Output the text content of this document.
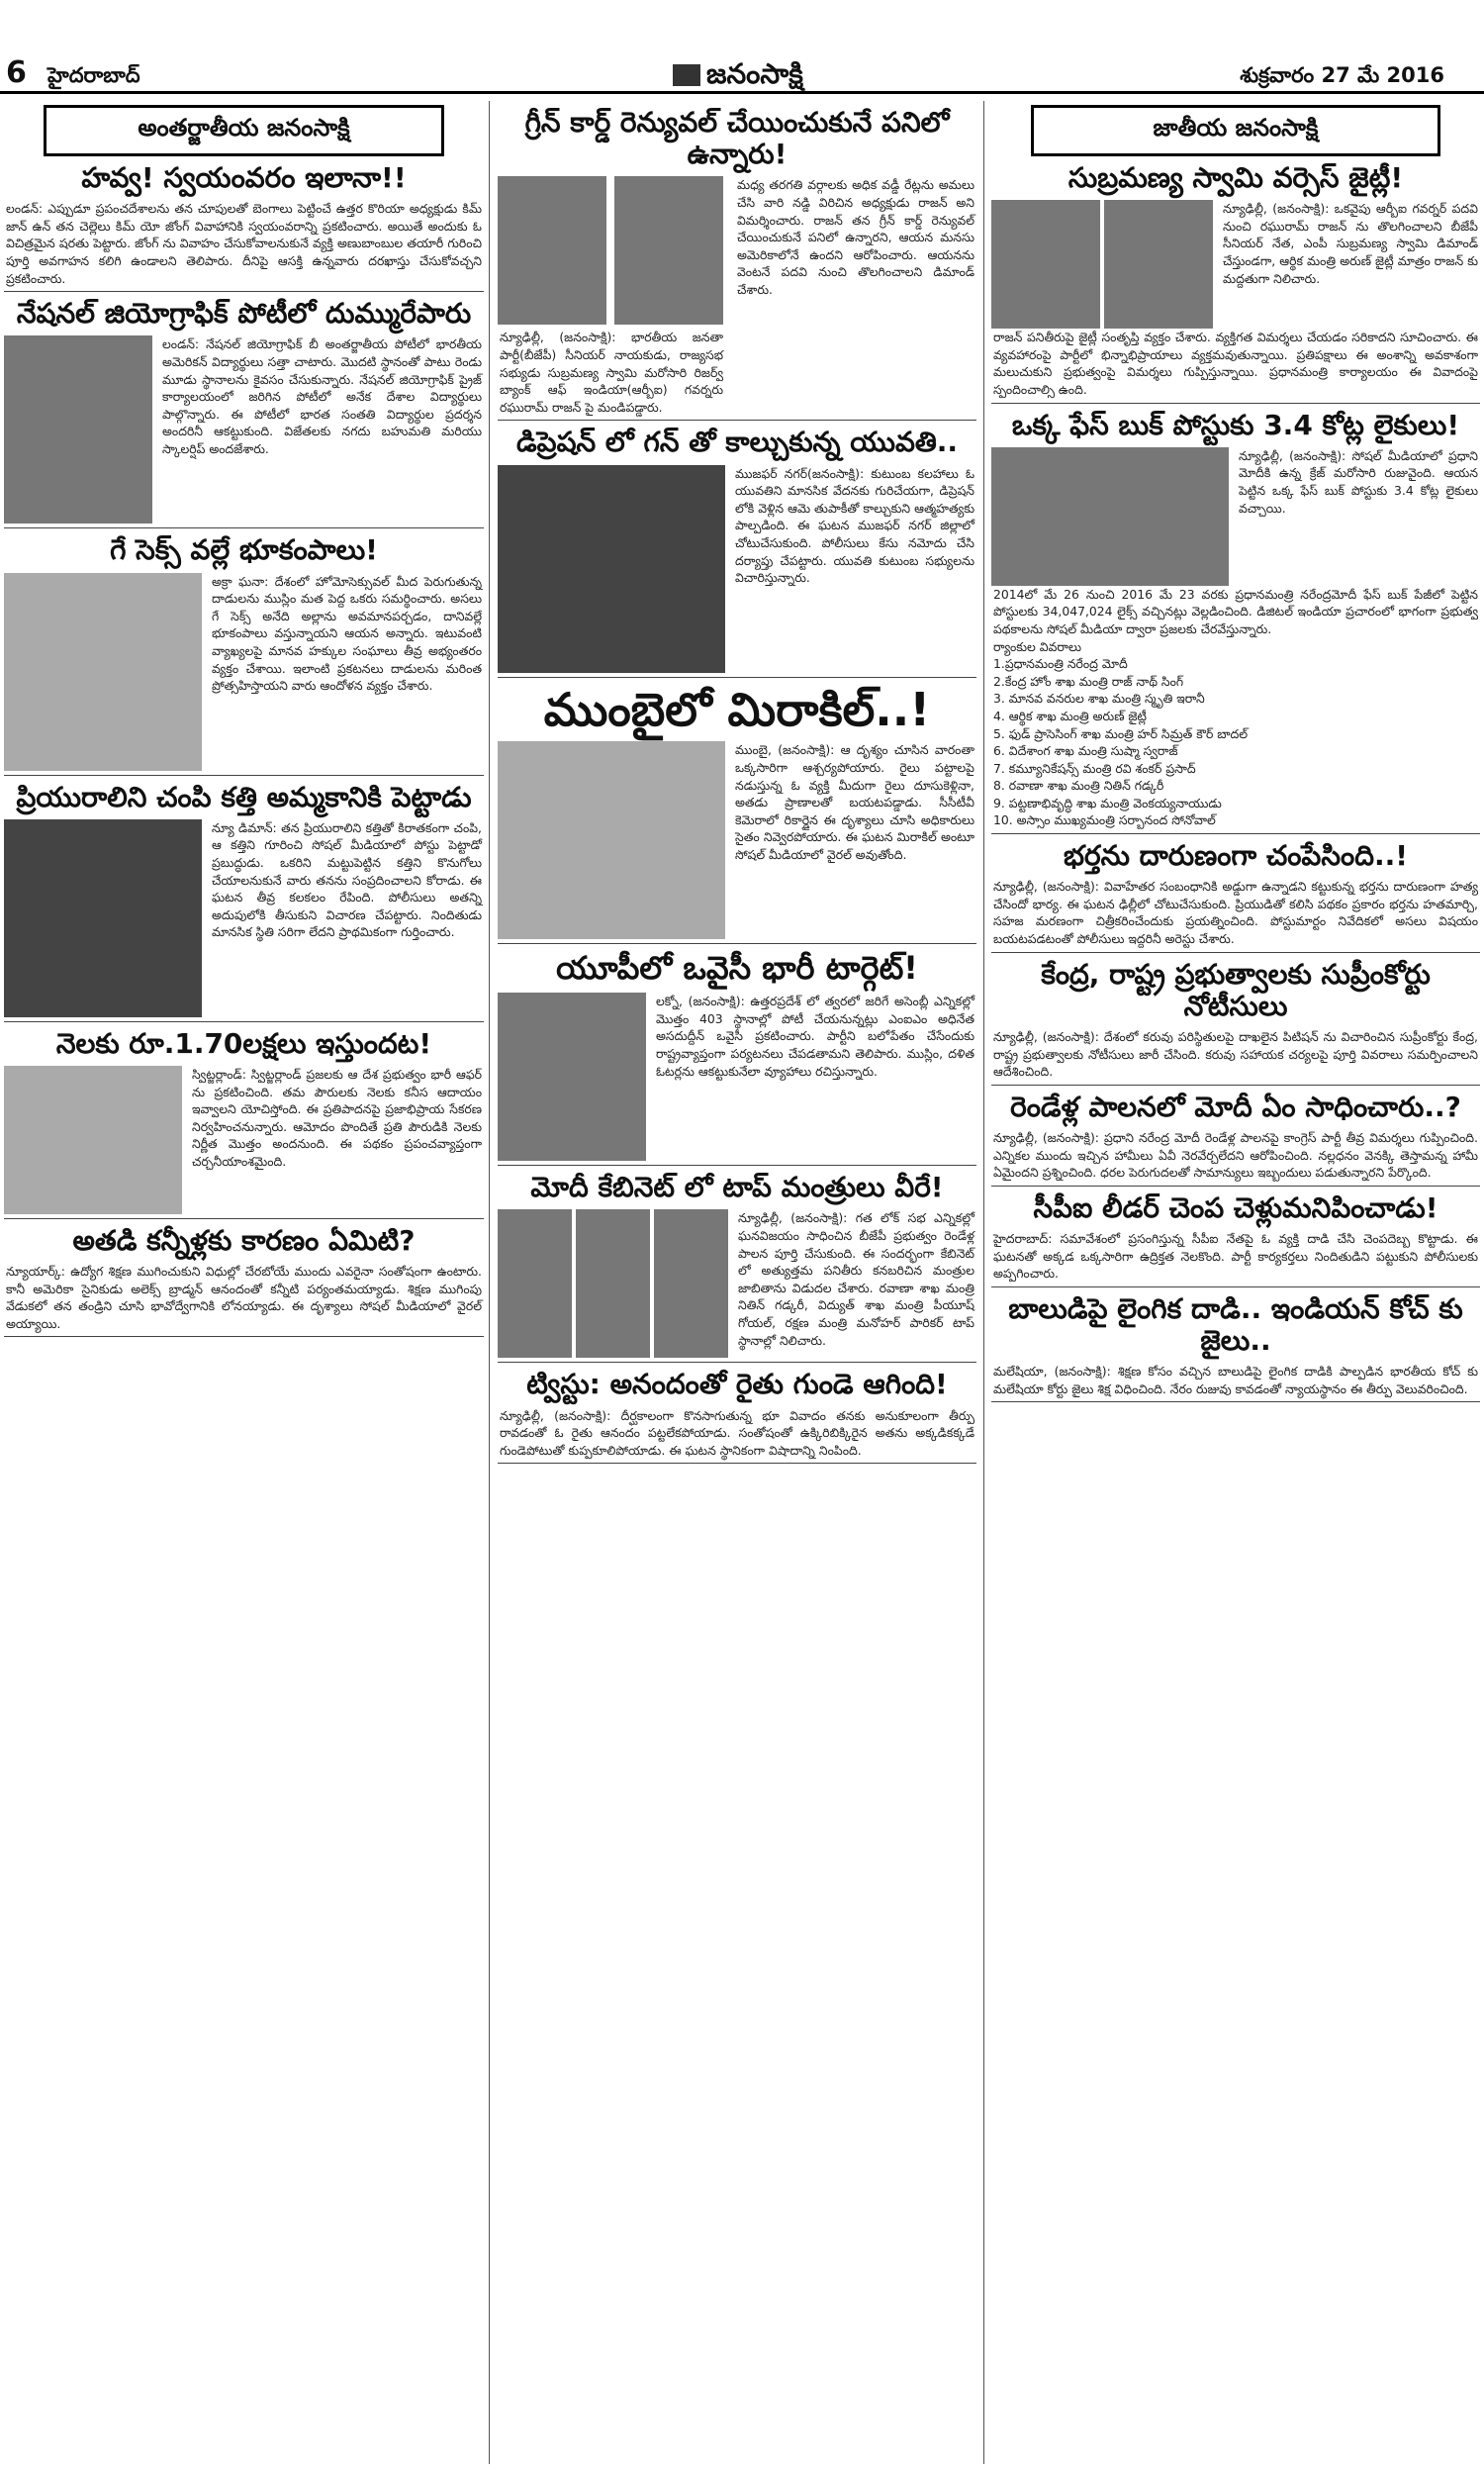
6 హైదరాబాద్	జనంసాక్షి	శుక్రవారం 27 మే 2016
అంతర్జాతీయ జనంసాక్షి
హవ్వ! స్వయంవరం ఇలానా!!

లండన్: ఎప్పుడూ ప్రపంచదేశాలను తన చూపులతో బెంగాలు పెట్టించే ఉత్తర కొరియా అధ్యక్షుడు కిమ్ జాన్ ఉన్ తన చెల్లెలు కిమ్ యో జోంగ్ వివాహానికి స్వయంవరాన్ని ప్రకటించారు. అయితే అందుకు ఓ విచిత్రమైన షరతు పెట్టారు. జోంగ్ ను వివాహం చేసుకోవాలనుకునే వ్యక్తి అణుబాంబుల తయారీ గురించి పూర్తి అవగాహన కలిగి ఉండాలని తెలిపారు. దీనిపై ఆసక్తి ఉన్నవారు దరఖాస్తు చేసుకోవచ్చని ప్రకటించారు.

నేషనల్ జియోగ్రాఫిక్ పోటీలో దుమ్మురేపారు

లండన్: నేషనల్ జియోగ్రాఫిక్ బీ అంతర్జాతీయ పోటీలో భారతీయ అమెరికన్ విద్యార్థులు సత్తా చాటారు. మొదటి స్థానంతో పాటు రెండు మూడు స్థానాలను కైవసం చేసుకున్నారు. నేషనల్ జియోగ్రాఫిక్ ప్రైజ్ కార్యాలయంలో జరిగిన పోటీలో అనేక దేశాల విద్యార్థులు పాల్గొన్నారు. ఈ పోటీలో భారత సంతతి విద్యార్థుల ప్రదర్శన అందరినీ ఆకట్టుకుంది. విజేతలకు నగదు బహుమతి మరియు స్కాలర్షిప్ అందజేశారు.

గే సెక్స్ వల్లే భూకంపాలు!

అక్రా ఘనా: దేశంలో హోమోసెక్సువల్ మీద పెరుగుతున్న దాడులను ముస్లిం మత పెద్ద ఒకరు సమర్థించారు. అసలు గే సెక్స్ అనేది అల్లాను అవమానపర్చడం, దానివల్లే భూకంపాలు వస్తున్నాయని ఆయన అన్నారు. ఇటువంటి వ్యాఖ్యలపై మానవ హక్కుల సంఘాలు తీవ్ర అభ్యంతరం వ్యక్తం చేశాయి. ఇలాంటి ప్రకటనలు దాడులను మరింత ప్రోత్సహిస్తాయని వారు ఆందోళన వ్యక్తం చేశారు.

ప్రియురాలిని చంపి కత్తి అమ్మకానికి పెట్టాడు

న్యూ డిమాన్: తన ప్రియురాలిని కత్తితో కిరాతకంగా చంపి, ఆ కత్తిని గూరించి సోషల్ మీడియాలో పోస్టు పెట్టాడో ప్రబుద్ధుడు. ఒకరిని మట్టుపెట్టిన కత్తిని కొనుగోలు చేయాలనుకునే వారు తనను సంప్రదించాలని కోరాడు. ఈ ఘటన తీవ్ర కలకలం రేపింది. పోలీసులు అతన్ని అదుపులోకి తీసుకుని విచారణ చేపట్టారు. నిందితుడు మానసిక స్థితి సరిగా లేదని ప్రాథమికంగా గుర్తించారు.

నెలకు రూ.1.70లక్షలు ఇస్తుందట!

స్విట్జర్లాండ్: స్విట్జర్లాండ్ ప్రజలకు ఆ దేశ ప్రభుత్వం భారీ ఆఫర్ ను ప్రకటించింది. తమ పౌరులకు నెలకు కనీస ఆదాయం ఇవ్వాలని యోచిస్తోంది. ఈ ప్రతిపాదనపై ప్రజాభిప్రాయ సేకరణ నిర్వహించనున్నారు. ఆమోదం పొందితే ప్రతి పౌరుడికి నెలకు నిర్ణీత మొత్తం అందనుంది. ఈ పథకం ప్రపంచవ్యాప్తంగా చర్చనీయాంశమైంది.

అతడి కన్నీళ్లకు కారణం ఏమిటి?

న్యూయార్క్: ఉద్యోగ శిక్షణ ముగించుకుని విధుల్లో చేరబోయే ముందు ఎవరైనా సంతోషంగా ఉంటారు. కానీ అమెరికా సైనికుడు అలెక్స్ బ్రాడ్మన్ ఆనందంతో కన్నీటి పర్యంతమయ్యాడు. శిక్షణ ముగింపు వేడుకలో తన తండ్రిని చూసి భావోద్వేగానికి లోనయ్యాడు. ఈ దృశ్యాలు సోషల్ మీడియాలో వైరల్ అయ్యాయి.

గ్రీన్ కార్డ్ రెన్యువల్ చేయించుకునే పనిలో ఉన్నారు!

న్యూఢిల్లీ, (జనంసాక్షి): భారతీయ జనతా పార్టీ(బీజేపీ) సీనియర్ నాయకుడు, రాజ్యసభ సభ్యుడు సుబ్రమణ్య స్వామి మరోసారి రిజర్వ్ బ్యాంక్ ఆఫ్ ఇండియా(ఆర్బీఐ) గవర్నరు రఘురామ్ రాజన్ పై మండిపడ్డారు.

మధ్య తరగతి వర్గాలకు అధిక వడ్డీ రేట్లను అమలు చేసి వారి నడ్డి విరిచిన అధ్యక్షుడు రాజన్ అని విమర్శించారు. రాజన్ తన గ్రీన్ కార్డ్ రెన్యువల్ చేయించుకునే పనిలో ఉన్నారని, ఆయన మనసు అమెరికాలోనే ఉందని ఆరోపించారు. ఆయనను వెంటనే పదవి నుంచి తొలగించాలని డిమాండ్ చేశారు.

డిప్రెషన్ లో గన్ తో కాల్చుకున్న యువతి..

ముజఫర్ నగర్(జనంసాక్షి): కుటుంబ కలహాలు ఓ యువతిని మానసిక వేదనకు గురిచేయగా, డిప్రెషన్ లోకి వెళ్లిన ఆమె తుపాకీతో కాల్చుకుని ఆత్మహత్యకు పాల్పడింది. ఈ ఘటన ముజఫర్ నగర్ జిల్లాలో చోటుచేసుకుంది. పోలీసులు కేసు నమోదు చేసి దర్యాప్తు చేపట్టారు. యువతి కుటుంబ సభ్యులను విచారిస్తున్నారు.

ముంబైలో మిరాకిల్..!

ముంబై, (జనంసాక్షి): ఆ దృశ్యం చూసిన వారంతా ఒక్కసారిగా ఆశ్చర్యపోయారు. రైలు పట్టాలపై నడుస్తున్న ఓ వ్యక్తి మీదుగా రైలు దూసుకెళ్లినా, అతడు ప్రాణాలతో బయటపడ్డాడు. సీసీటీవీ కెమెరాలో రికార్డైన ఈ దృశ్యాలు చూసి అధికారులు సైతం నివ్వెరపోయారు. ఈ ఘటన మిరాకిల్ అంటూ సోషల్ మీడియాలో వైరల్ అవుతోంది.

యూపీలో ఒవైసీ భారీ టార్గెట్!

లక్నో, (జనంసాక్షి): ఉత్తరప్రదేశ్ లో త్వరలో జరిగే అసెంబ్లీ ఎన్నికల్లో మొత్తం 403 స్థానాల్లో పోటీ చేయనున్నట్లు ఎంఐఎం అధినేత అసదుద్దీన్ ఒవైసీ ప్రకటించారు. పార్టీని బలోపేతం చేసేందుకు రాష్ట్రవ్యాప్తంగా పర్యటనలు చేపడతామని తెలిపారు. ముస్లిం, దళిత ఓటర్లను ఆకట్టుకునేలా వ్యూహాలు రచిస్తున్నారు.

మోదీ కేబినెట్ లో టాప్ మంత్రులు వీరే!

న్యూఢిల్లీ, (జనంసాక్షి): గత లోక్ సభ ఎన్నికల్లో ఘనవిజయం సాధించిన బీజేపీ ప్రభుత్వం రెండేళ్ల పాలన పూర్తి చేసుకుంది. ఈ సందర్భంగా కేబినెట్ లో అత్యుత్తమ పనితీరు కనబరిచిన మంత్రుల జాబితాను విడుదల చేశారు. రవాణా శాఖ మంత్రి నితిన్ గడ్కరీ, విద్యుత్ శాఖ మంత్రి పీయూష్ గోయల్, రక్షణ మంత్రి మనోహర్ పారికర్ టాప్ స్థానాల్లో నిలిచారు.

ట్విస్టు: అనందంతో రైతు గుండె ఆగింది!

న్యూఢిల్లీ, (జనంసాక్షి): దీర్ఘకాలంగా కొనసాగుతున్న భూ వివాదం తనకు అనుకూలంగా తీర్పు రావడంతో ఓ రైతు ఆనందం పట్టలేకపోయాడు. సంతోషంతో ఉక్కిరిబిక్కిరైన అతను అక్కడికక్కడే గుండెపోటుతో కుప్పకూలిపోయాడు. ఈ ఘటన స్థానికంగా విషాదాన్ని నింపింది.

జాతీయ జనంసాక్షి
సుబ్రమణ్య స్వామి వర్సెస్ జైట్లీ!

న్యూఢిల్లీ, (జనంసాక్షి): ఒకవైపు ఆర్బీఐ గవర్నర్ పదవి నుంచి రఘురామ్ రాజన్ ను తొలగించాలని బీజేపీ సీనియర్ నేత, ఎంపీ సుబ్రమణ్య స్వామి డిమాండ్ చేస్తుండగా, ఆర్థిక మంత్రి అరుణ్ జైట్లీ మాత్రం రాజన్ కు మద్దతుగా నిలిచారు.

రాజన్ పనితీరుపై జైట్లీ సంతృప్తి వ్యక్తం చేశారు. వ్యక్తిగత విమర్శలు చేయడం సరికాదని సూచించారు. ఈ వ్యవహారంపై పార్టీలో భిన్నాభిప్రాయాలు వ్యక్తమవుతున్నాయి. ప్రతిపక్షాలు ఈ అంశాన్ని అవకాశంగా మలుచుకుని ప్రభుత్వంపై విమర్శలు గుప్పిస్తున్నాయి. ప్రధానమంత్రి కార్యాలయం ఈ వివాదంపై స్పందించాల్సి ఉంది.

ఒక్క ఫేస్ బుక్ పోస్టుకు 3.4 కోట్ల లైకులు!

న్యూఢిల్లీ, (జనంసాక్షి): సోషల్ మీడియాలో ప్రధాని మోదీకి ఉన్న క్రేజ్ మరోసారి రుజువైంది. ఆయన పెట్టిన ఒక్క ఫేస్ బుక్ పోస్టుకు 3.4 కోట్ల లైకులు వచ్చాయి.

2014లో మే 26 నుంచి 2016 మే 23 వరకు ప్రధానమంత్రి నరేంద్రమోదీ ఫేస్ బుక్ పేజీలో పెట్టిన పోస్టులకు 34,047,024 లైక్స్ వచ్చినట్లు వెల్లడించింది. డిజిటల్ ఇండియా ప్రచారంలో భాగంగా ప్రభుత్వ పథకాలను సోషల్ మీడియా ద్వారా ప్రజలకు చేరవేస్తున్నారు.

ర్యాంకుల వివరాలు

1.ప్రధానమంత్రి నరేంద్ర మోదీ

2.కేంద్ర హోం శాఖ మంత్రి రాజ్ నాథ్ సింగ్

3. మానవ వనరుల శాఖ మంత్రి స్మృతి ఇరానీ

4. ఆర్థిక శాఖ మంత్రి అరుణ్ జైట్లీ

5. ఫుడ్ ప్రాసెసింగ్ శాఖ మంత్రి హర్ సిమ్రత్ కౌర్ బాదల్

6. విదేశాంగ శాఖ మంత్రి సుష్మా స్వరాజ్

7. కమ్యూనికేషన్స్ మంత్రి రవి శంకర్ ప్రసాద్

8. రవాణా శాఖ మంత్రి నితిన్ గడ్కరీ

9. పట్టణాభివృద్ధి శాఖ మంత్రి వెంకయ్యనాయుడు

10. అస్సాం ముఖ్యమంత్రి సర్బానంద సోనోవాల్

భర్తను దారుణంగా చంపేసింది..!

న్యూఢిల్లీ, (జనంసాక్షి): వివాహేతర సంబంధానికి అడ్డుగా ఉన్నాడని కట్టుకున్న భర్తను దారుణంగా హత్య చేసిందో భార్య. ఈ ఘటన ఢిల్లీలో చోటుచేసుకుంది. ప్రియుడితో కలిసి పథకం ప్రకారం భర్తను హతమార్చి, సహజ మరణంగా చిత్రీకరించేందుకు ప్రయత్నించింది. పోస్టుమార్టం నివేదికలో అసలు విషయం బయటపడటంతో పోలీసులు ఇద్దరినీ అరెస్టు చేశారు.

కేంద్ర, రాష్ట్ర ప్రభుత్వాలకు సుప్రీంకోర్టు నోటీసులు

న్యూఢిల్లీ, (జనంసాక్షి): దేశంలో కరువు పరిస్థితులపై దాఖలైన పిటిషన్ ను విచారించిన సుప్రీంకోర్టు కేంద్ర, రాష్ట్ర ప్రభుత్వాలకు నోటీసులు జారీ చేసింది. కరువు సహాయక చర్యలపై పూర్తి వివరాలు సమర్పించాలని ఆదేశించింది.

రెండేళ్ల పాలనలో మోదీ ఏం సాధించారు..?

న్యూఢిల్లీ, (జనంసాక్షి): ప్రధాని నరేంద్ర మోదీ రెండేళ్ల పాలనపై కాంగ్రెస్ పార్టీ తీవ్ర విమర్శలు గుప్పించింది. ఎన్నికల ముందు ఇచ్చిన హామీలు ఏవీ నెరవేర్చలేదని ఆరోపించింది. నల్లధనం వెనక్కి తెస్తామన్న హామీ ఏమైందని ప్రశ్నించింది. ధరల పెరుగుదలతో సామాన్యులు ఇబ్బందులు పడుతున్నారని పేర్కొంది.

సీపీఐ లీడర్ చెంప చెళ్లుమనిపించాడు!

హైదరాబాద్: సమావేశంలో ప్రసంగిస్తున్న సీపీఐ నేతపై ఓ వ్యక్తి దాడి చేసి చెంపదెబ్బ కొట్టాడు. ఈ ఘటనతో అక్కడ ఒక్కసారిగా ఉద్రిక్తత నెలకొంది. పార్టీ కార్యకర్తలు నిందితుడిని పట్టుకుని పోలీసులకు అప్పగించారు.

బాలుడిపై లైంగిక దాడి.. ఇండియన్ కోచ్ కు జైలు..

మలేషియా, (జనంసాక్షి): శిక్షణ కోసం వచ్చిన బాలుడిపై లైంగిక దాడికి పాల్పడిన భారతీయ కోచ్ కు మలేషియా కోర్టు జైలు శిక్ష విధించింది. నేరం రుజువు కావడంతో న్యాయస్థానం ఈ తీర్పు వెలువరించింది.
